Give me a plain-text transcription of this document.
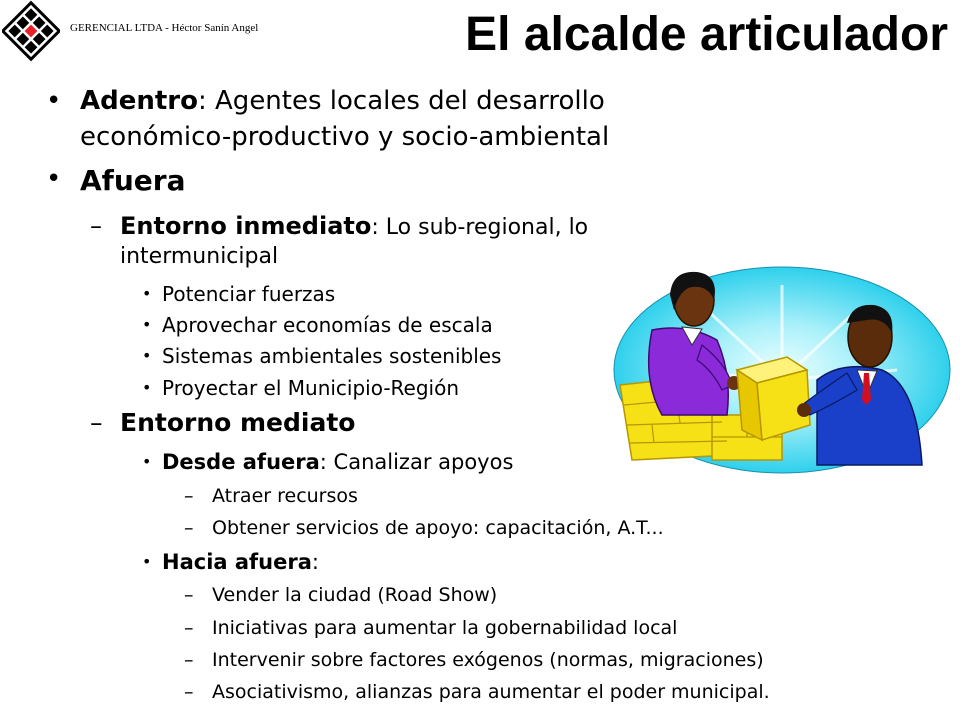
GERENCIAL LTDA - Héctor Sanín Angel	El alcalde articulador
• Adentro: Agentes locales del desarrollo
económico-productivo y socio-ambiental
• Afuera
– Entorno inmediato: Lo sub-regional, lo
intermunicipal
• Potenciar fuerzas
• Aprovechar economías de escala
• Sistemas ambientales sostenibles
• Proyectar el Municipio-Región
– Entorno mediato
• Desde afuera: Canalizar apoyos
– Atraer recursos
– Obtener servicios de apoyo: capacitación, A.T...
• Hacia afuera:
– Vender la ciudad (Road Show)
– Iniciativas para aumentar la gobernabilidad local
– Intervenir sobre factores exógenos (normas, migraciones)
– Asociativismo, alianzas para aumentar el poder municipal.
